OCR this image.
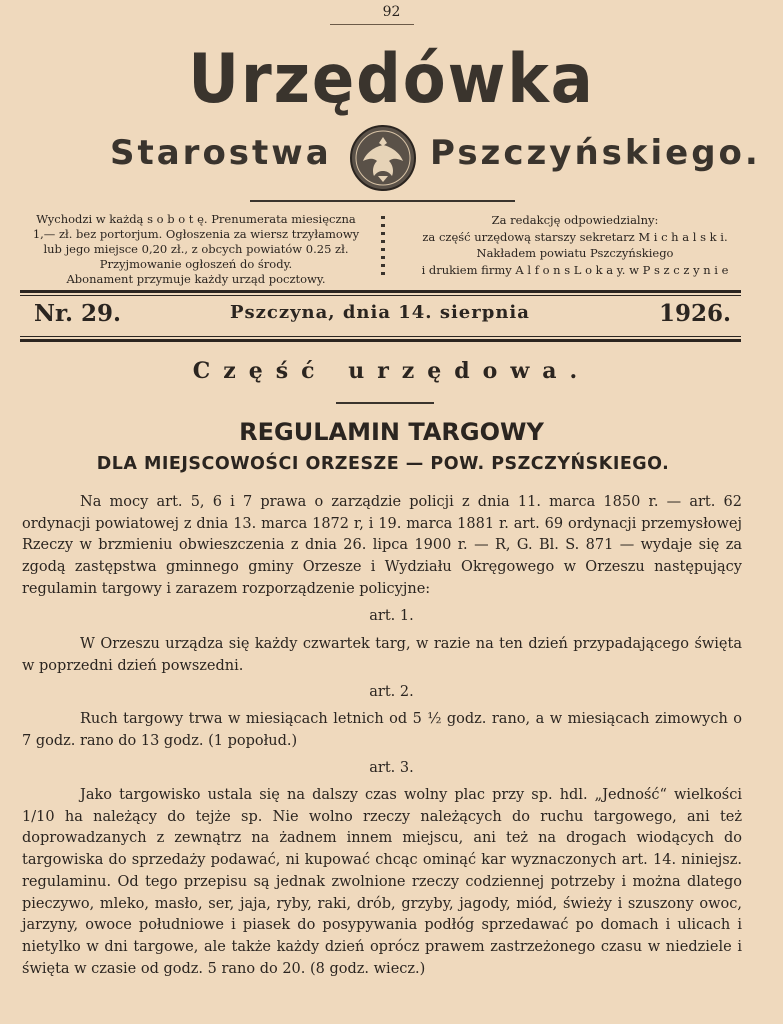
92
Urzędówka
Starostwa	Pszczyńskiego.
Wychodzi w każdą s o b o t ę. Prenumerata miesięczna
1,— zł. bez portorjum. Ogłoszenia za wiersz trzyłamowy
lub jego miejsce 0,20 zł., z obcych powiatów 0.25 zł.
Przyjmowanie ogłoszeń do środy.
Abonament przymuje każdy urząd pocztowy.
Za redakcję odpowiedzialny:
za część urzędową starszy sekretarz M i c h a l s k i.
Nakładem powiatu Pszczyńskiego
i drukiem firmy A l f o n s L o k a y. w P s z c z y n i e
Nr. 29.	Pszczyna, dnia 14. sierpnia	1926.
Część urzędowa.
REGULAMIN TARGOWY
DLA MIEJSCOWOŚCI ORZESZE — POW. PSZCZYŃSKIEGO.
Na mocy art. 5, 6 i 7 prawa o zarządzie policji z dnia 11. marca 1850 r. — art. 62 ordynacji powiatowej z dnia 13. marca 1872 r, i 19. marca 1881 r. art. 69 ordynacji przemysłowej Rzeczy w brzmieniu obwieszczenia z dnia 26. lipca 1900 r. — R, G. Bl. S. 871 — wydaje się za zgodą zastępstwa gminnego gminy Orzesze i Wydziału Okręgowego w Orzeszu następujący regulamin targowy i zarazem rozporządzenie policyjne:
art. 1.
W Orzeszu urządza się każdy czwartek targ, w razie na ten dzień przypadającego święta w poprzedni dzień powszedni.
art. 2.
Ruch targowy trwa w miesiącach letnich od 5 ½ godz. rano, a w miesiącach zimowych o 7 godz. rano do 13 godz. (1 popołud.)
art. 3.
Jako targowisko ustala się na dalszy czas wolny plac przy sp. hdl. „Jedność“ wielkości 1/10 ha należący do tejże sp. Nie wolno rzeczy należących do ruchu targowego, ani też doprowadzanych z zewnątrz na żadnem innem miejscu, ani też na drogach wiodących do targowiska do sprzedaży podawać, ni kupować chcąc ominąć kar wyznaczonych art. 14. niniejsz. regulaminu. Od tego przepisu są jednak zwolnione rzeczy codziennej potrzeby i można dlatego pieczywo, mleko, masło, ser, jaja, ryby, raki, drób, grzyby, jagody, miód, świeży i szuszony owoc, jarzyny, owoce południowe i piasek do posypywania podłóg sprzedawać po domach i ulicach i nietylko w dni targowe, ale także każdy dzień oprócz prawem zastrzeżonego czasu w niedziele i święta w czasie od godz. 5 rano do 20. (8 godz. wiecz.)
